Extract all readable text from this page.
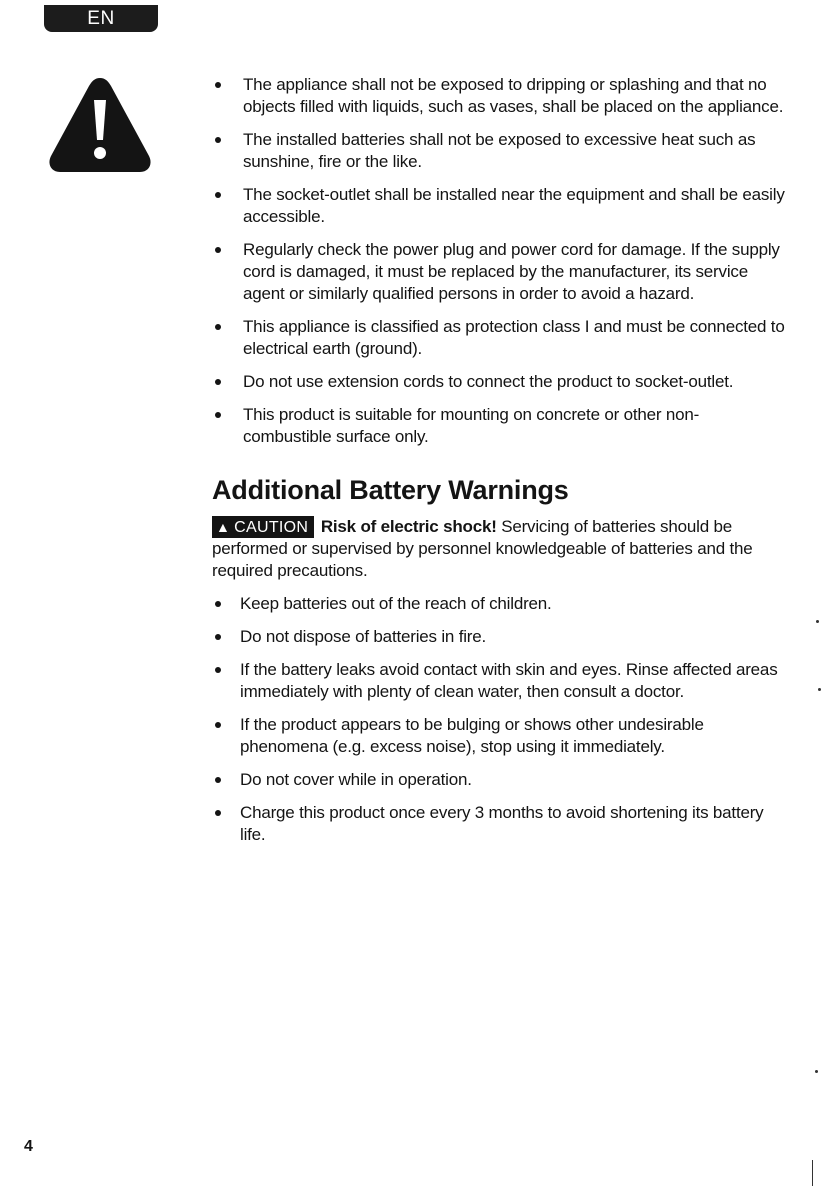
EN
The appliance shall not be exposed to dripping or splashing and that no objects filled with liquids, such as vases, shall be placed on the appliance.
The installed batteries shall not be exposed to excessive heat such as sunshine, fire or the like.
The socket-outlet shall be installed near the equipment and shall be easily accessible.
Regularly check the power plug and power cord for damage. If the supply cord is damaged, it must be replaced by the manufacturer, its service agent or similarly qualified persons in order to avoid a hazard.
This appliance is classified as protection class I and must be connected to electrical earth (ground).
Do not use extension cords to connect the product to socket-outlet.
This product is suitable for mounting on concrete or other non-combustible surface only.
Additional Battery Warnings

▲ CAUTION Risk of electric shock! Servicing of batteries should be performed or supervised by personnel knowledgeable of batteries and the required precautions.

Keep batteries out of the reach of children.
Do not dispose of batteries in fire.
If the battery leaks avoid contact with skin and eyes. Rinse affected areas immediately with plenty of clean water, then consult a doctor.
If the product appears to be bulging or shows other undesirable phenomena (e.g. excess noise), stop using it immediately.
Do not cover while in operation.
Charge this product once every 3 months to avoid shortening its battery life.
4
